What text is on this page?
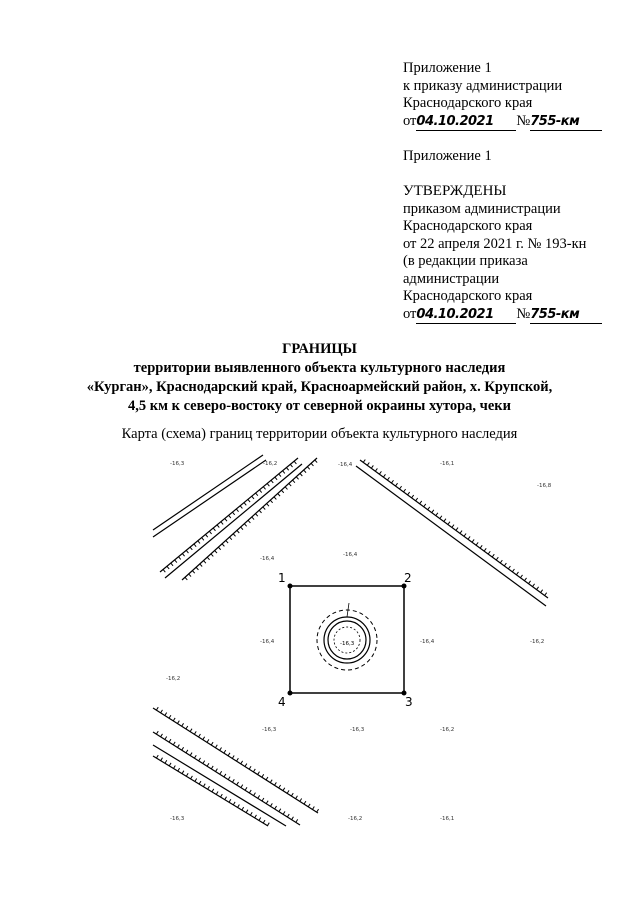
Приложение 1
к приказу администрации
Краснодарского края
от04.10.2021 №755-км
Приложение 1
УТВЕРЖДЕНЫ
приказом администрации
Краснодарского края
от 22 апреля 2021 г. № 193-кн
(в редакции приказа
администрации
Краснодарского края
от04.10.2021 №755-км
ГРАНИЦЫ
территории выявленного объекта культурного наследия
«Курган», Краснодарский край, Красноармейский район, х. Крупской,
4,5 км к северо-востоку от северной окраины хутора, чеки
Карта (схема) границ территории объекта культурного наследия
1	2
3
4
-16,3	-16,2	-16,4	-16,1
-16,8
-16,4
-16,4
-16,4	-16,2
-16,2
-16,3	-16,3	-16,2
-16,3	-16,2	-16,1
-16,4
-16,3
